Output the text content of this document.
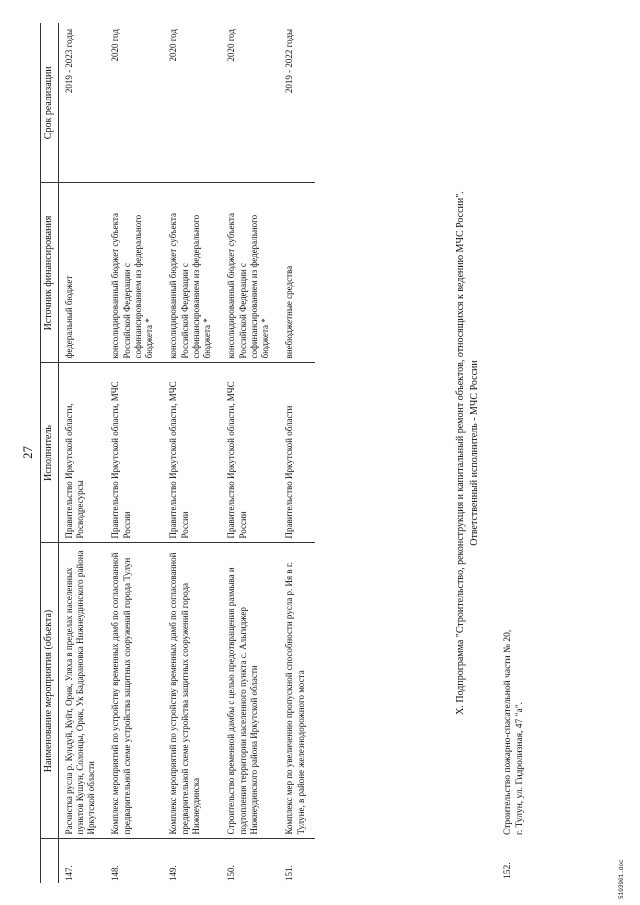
27
	Наименование мероприятия (объекта)	Исполнитель	Источник финансирования	Срок реализации
147.	Расчистка русла р. Кундуй, Куйт, Орик, Уляха в пределах населенных пунктов Кушун, Солонцы, Орик, Ук Бадарановка Нижнеудинского района Иркутской области	Правительство Иркутской области, Росводресурсы	федеральный бюджет	2019 - 2023 годы
148.	Комплекс мероприятий по устройству временных дамб по согласованной предварительной схеме устройства защитных сооружений города Тулун	Правительство Иркутской области, МЧС России	консолидированный бюджет субъекта Российской Федерации с софинансированием из федерального бюджета *	2020 год
149.	Комплекс мероприятий по устройству временных дамб по согласованной предварительной схеме устройства защитных сооружений города Нижнеудинска	Правительство Иркутской области, МЧС России	консолидированный бюджет субъекта Российской Федерации с софинансированием из федерального бюджета *	2020 год
150.	Строительство временной дамбы с целью предотвращения размыва и подтопления территории населенного пункта с. Альгиджер Нижнеудинского района Иркутской области	Правительство Иркутской области, МЧС России	консолидированный бюджет субъекта Российской Федерации с софинансированием из федерального бюджета *	2020 год
151.	Комплекс мер по увеличению пропускной способности русла р. Ия в г. Тулуне, в районе железнодорожного моста	Правительство Иркутской области	внебюджетные средства	2019 - 2022 годы
X. Подпрограмма "Строительство, реконструкция и капитальный ремонт объектов, относящихся к ведению МЧС России". Ответственный исполнитель - МЧС России
152.
Строительство пожарно-спасательной части № 20, г. Тулун, ул. Гидролизная, 47 "а".
5103901.doc
